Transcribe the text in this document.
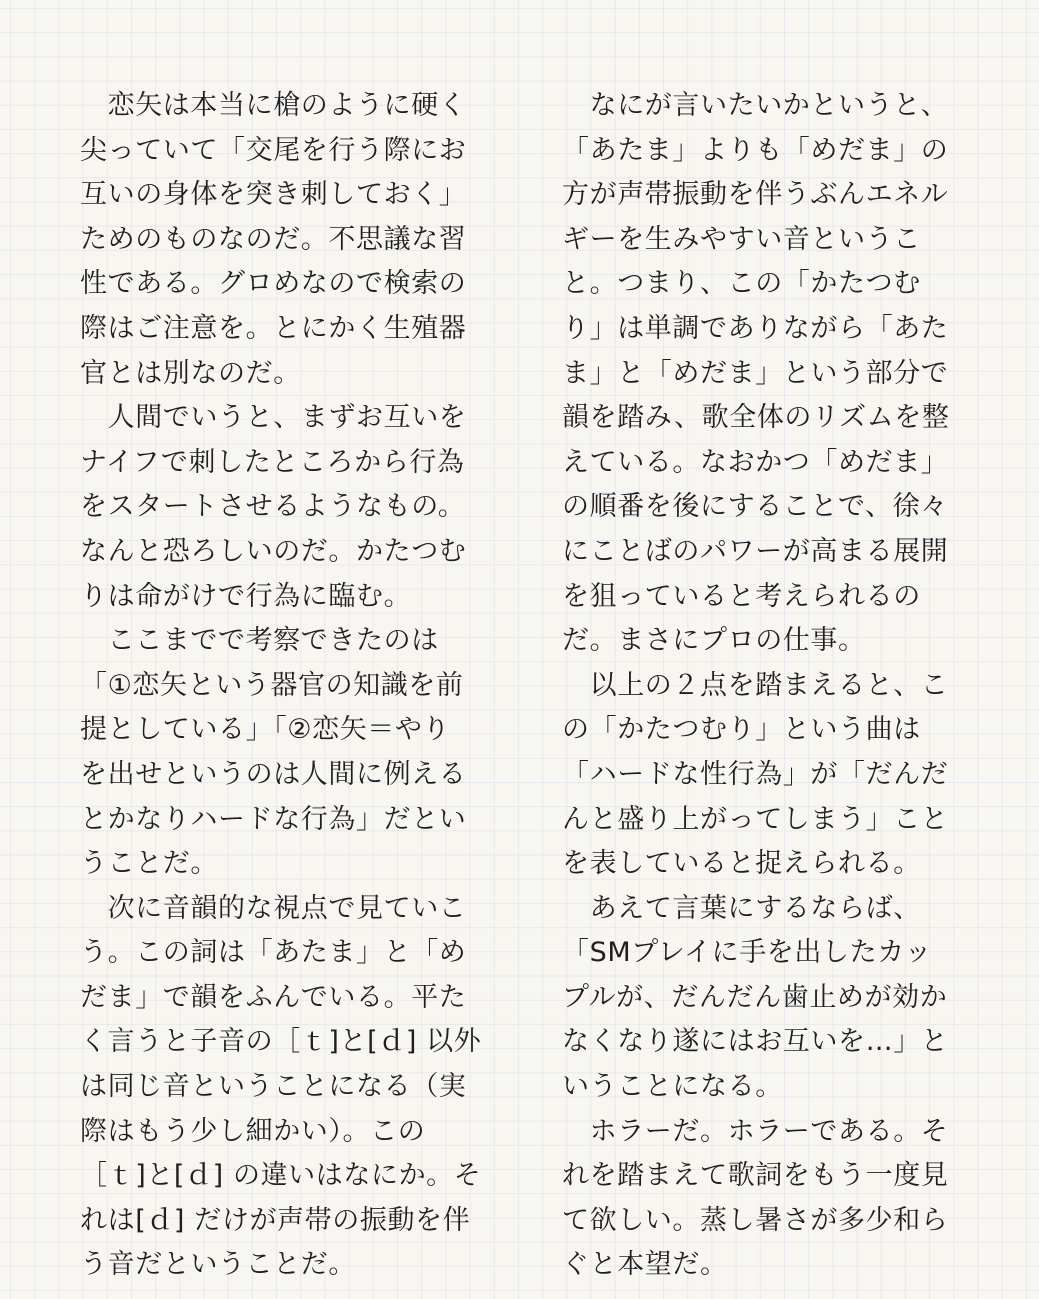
　恋矢は本当に槍のように硬く
尖っていて「交尾を行う際にお
互いの身体を突き刺しておく」
ためのものなのだ。不思議な習
性である。グロめなので検索の
際はご注意を。とにかく生殖器
官とは別なのだ。
　人間でいうと、まずお互いを
ナイフで刺したところから行為
をスタートさせるようなもの。
なんと恐ろしいのだ。かたつむ
りは命がけで行為に臨む。
　ここまでで考察できたのは
「①恋矢という器官の知識を前
提としている」「②恋矢＝やり
を出せというのは人間に例える
とかなりハードな行為」だとい
うことだ。
　次に音韻的な視点で見ていこ
う。この詞は「あたま」と「め
だま」で韻をふんでいる。平た
く言うと子音の［ｔ]と[ｄ] 以外
は同じ音ということになる（実
際はもう少し細かい）。この
［ｔ]と[ｄ] の違いはなにか。そ
れは[ｄ] だけが声帯の振動を伴
う音だということだ。
　なにが言いたいかというと、
「あたま」よりも「めだま」の
方が声帯振動を伴うぶんエネル
ギーを生みやすい音というこ
と。つまり、この「かたつむ
り」は単調でありながら「あた
ま」と「めだま」という部分で
韻を踏み、歌全体のリズムを整
えている。なおかつ「めだま」
の順番を後にすることで、徐々
にことばのパワーが高まる展開
を狙っていると考えられるの
だ。まさにプロの仕事。
　以上の２点を踏まえると、こ
の「かたつむり」という曲は
「ハードな性行為」が「だんだ
んと盛り上がってしまう」こと
を表していると捉えられる。
　あえて言葉にするならば、
「SMプレイに手を出したカッ
プルが、だんだん歯止めが効か
なくなり遂にはお互いを…」と
いうことになる。
　ホラーだ。ホラーである。そ
れを踏まえて歌詞をもう一度見
て欲しい。蒸し暑さが多少和ら
ぐと本望だ。
